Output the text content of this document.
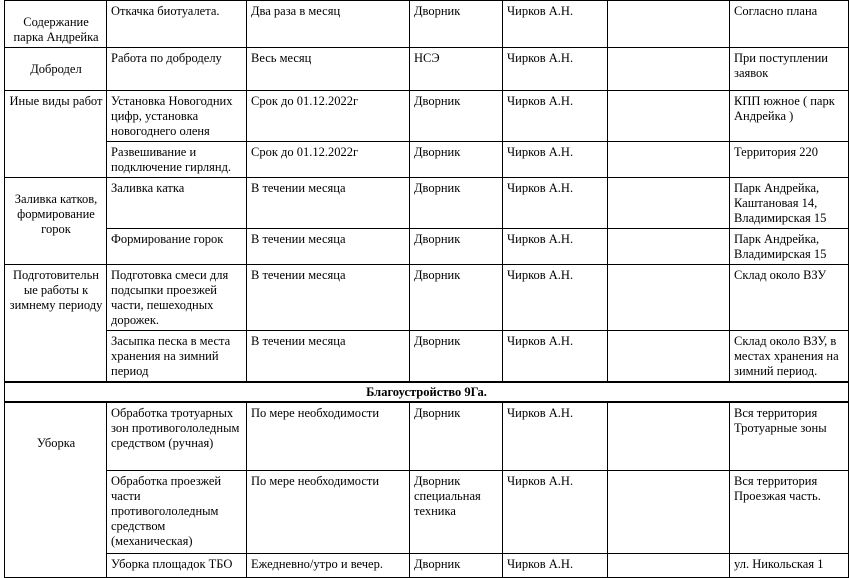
Содержание парка Андрейка	Откачка биотуалета.	Два раза в месяц	Дворник	Чирков А.Н.		Согласно плана
Добродел	Работа по доброделу	Весь месяц	НСЭ	Чирков А.Н.		При поступлении заявок
Иные виды работ	Установка Новогодних цифр, установка новогоднего оленя	Срок до 01.12.2022г	Дворник	Чирков А.Н.		КПП южное ( парк Андрейка )
	Развешивание и подключение гирлянд.	Срок до 01.12.2022г	Дворник	Чирков А.Н.		Территория 220
Заливка катков, формирование горок	Заливка катка	В течении месяца	Дворник	Чирков А.Н.		Парк Андрейка, Каштановая 14, Владимирская 15
	Формирование горок	В течении месяца	Дворник	Чирков А.Н.		Парк Андрейка, Владимирская 15
Подготовительные работы к зимнему периоду	Подготовка смеси для подсыпки проезжей части, пешеходных дорожек.	В течении месяца	Дворник	Чирков А.Н.		Склад около ВЗУ
	Засыпка песка в места хранения на зимний период	В течении месяца	Дворник	Чирков А.Н.		Склад около ВЗУ, в местах хранения на зимний период.
Благоустройство 9Га.						
Уборка	Обработка тротуарных зон противогололедным средством (ручная)	По мере необходимости	Дворник	Чирков А.Н.		Вся территория Тротуарные зоны
	Обработка проезжей части противогололедным средством (механическая)	По мере необходимости	Дворник специальная техника	Чирков А.Н.		Вся территория Проезжая часть.
	Уборка площадок ТБО	Ежедневно/утро и вечер.	Дворник	Чирков А.Н.		ул. Никольская 1
